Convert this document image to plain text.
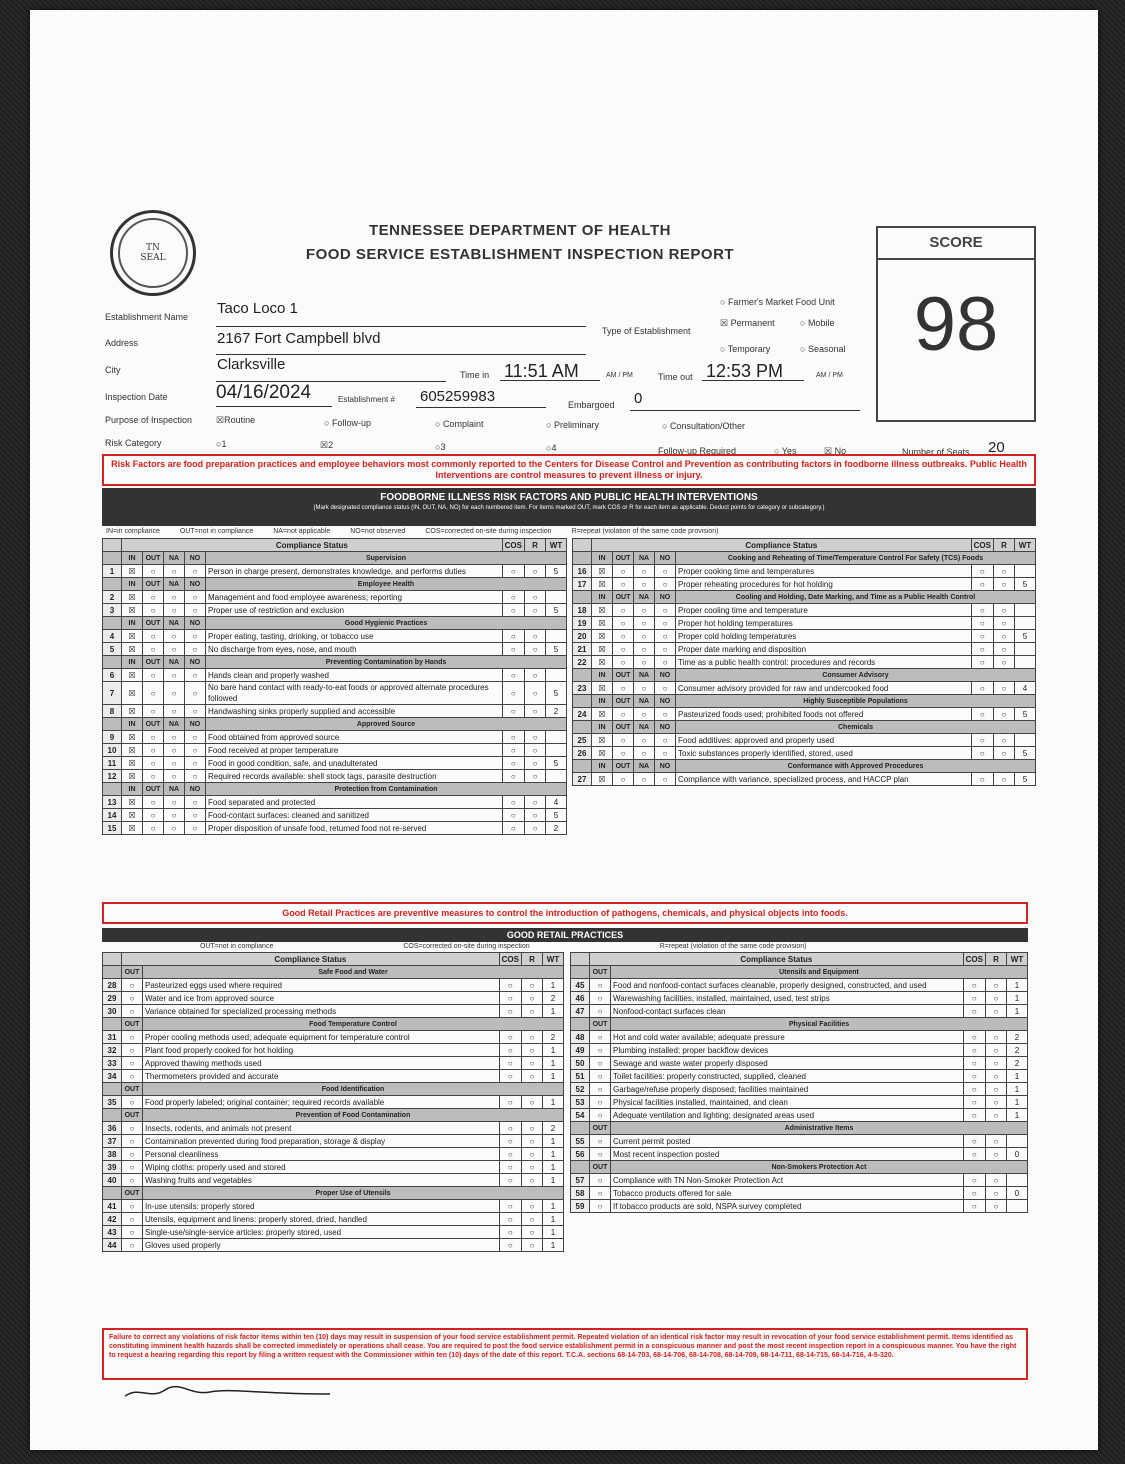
TN
SEAL
TENNESSEE DEPARTMENT OF HEALTH
FOOD SERVICE ESTABLISHMENT INSPECTION REPORT
SCORE
98
Establishment Name Taco Loco 1
Address	2167 Fort Campbell blvd
City	Clarksville
Type of Establishment
○ Farmer's Market Food Unit
☒ Permanent	○ Mobile
○ Temporary	○ Seasonal
Time in 11:51 AM	AM / PM	Time out 12:53 PM	AM / PM
Inspection Date	04/16/2024	Establishment # 605259983	Embargoed 0
Purpose of Inspection	☒Routine	○ Follow-up	○ Complaint	○ Preliminary	○ Consultation/Other
Risk Category	○1	☒2	○3	○4	Follow-up Required	○ Yes	☒ No	Number of Seats 20
Risk Factors are food preparation practices and employee behaviors most commonly reported to the Centers for Disease Control and Prevention as contributing factors in foodborne illness outbreaks. Public Health Interventions are control measures to prevent illness or injury.
FOODBORNE ILLNESS RISK FACTORS AND PUBLIC HEALTH INTERVENTIONS
(Mark designated compliance status (IN, OUT, NA, NO) for each numbered item. For items marked OUT, mark COS or R for each item as applicable. Deduct points for category or subcategory.)
IN=in compliance	OUT=not in compliance	NA=not applicable	NO=not observed	COS=corrected on-site during inspection	R=repeat (violation of the same code provision)
	Compliance Status					COS	R	WT
	IN	OUT	NA	NO	Supervision			
1	☒	○	○	○	Person in charge present, demonstrates knowledge, and performs duties	○	○	5
	IN	OUT	NA	NO	Employee Health			
2	☒	○	○	○	Management and food employee awareness; reporting	○	○	
3	☒	○	○	○	Proper use of restriction and exclusion	○	○	5
	IN	OUT	NA	NO	Good Hygienic Practices			
4	☒	○	○	○	Proper eating, tasting, drinking, or tobacco use	○	○	
5	☒	○	○	○	No discharge from eyes, nose, and mouth	○	○	5
	IN	OUT	NA	NO	Preventing Contamination by Hands			
6	☒	○	○	○	Hands clean and properly washed	○	○	
7	☒	○	○	○	No bare hand contact with ready-to-eat foods or approved alternate procedures followed	○	○	5
8	☒	○	○	○	Handwashing sinks properly supplied and accessible	○	○	2
	IN	OUT	NA	NO	Approved Source			
9	☒	○	○	○	Food obtained from approved source	○	○	
10	☒	○	○	○	Food received at proper temperature	○	○	
11	☒	○	○	○	Food in good condition, safe, and unadulterated	○	○	5
12	☒	○	○	○	Required records available: shell stock tags, parasite destruction	○	○	
	IN	OUT	NA	NO	Protection from Contamination			
13	☒	○	○	○	Food separated and protected	○	○	4
14	☒	○	○	○	Food-contact surfaces: cleaned and sanitized	○	○	5
15	☒	○	○	○	Proper disposition of unsafe food, returned food not re-served	○	○	2
	Compliance Status					COS	R	WT
	IN	OUT	NA	NO	Cooking and Reheating of Time/Temperature Control For Safety (TCS) Foods			
16	☒	○	○	○	Proper cooking time and temperatures	○	○	
17	☒	○	○	○	Proper reheating procedures for hot holding	○	○	5
	IN	OUT	NA	NO	Cooling and Holding, Date Marking, and Time as a Public Health Control			
18	☒	○	○	○	Proper cooling time and temperature	○	○	
19	☒	○	○	○	Proper hot holding temperatures	○	○	
20	☒	○	○	○	Proper cold holding temperatures	○	○	5
21	☒	○	○	○	Proper date marking and disposition	○	○	
22	☒	○	○	○	Time as a public health control: procedures and records	○	○	
	IN	OUT	NA	NO	Consumer Advisory			
23	☒	○	○	○	Consumer advisory provided for raw and undercooked food	○	○	4
	IN	OUT	NA	NO	Highly Susceptible Populations			
24	☒	○	○	○	Pasteurized foods used; prohibited foods not offered	○	○	5
	IN	OUT	NA	NO	Chemicals			
25	☒	○	○	○	Food additives: approved and properly used	○	○	
26	☒	○	○	○	Toxic substances properly identified, stored, used	○	○	5
	IN	OUT	NA	NO	Conformance with Approved Procedures			
27	☒	○	○	○	Compliance with variance, specialized process, and HACCP plan	○	○	5
Good Retail Practices are preventive measures to control the introduction of pathogens, chemicals, and physical objects into foods.
GOOD RETAIL PRACTICES
OUT=not in compliance	COS=corrected on-site during inspection	R=repeat (violation of the same code provision)
	Compliance Status		COS	R	WT
	OUT	Safe Food and Water			
28	○	Pasteurized eggs used where required	○	○	1
29	○	Water and ice from approved source	○	○	2
30	○	Variance obtained for specialized processing methods	○	○	1
	OUT	Food Temperature Control			
31	○	Proper cooling methods used; adequate equipment for temperature control	○	○	2
32	○	Plant food properly cooked for hot holding	○	○	1
33	○	Approved thawing methods used	○	○	1
34	○	Thermometers provided and accurate	○	○	1
	OUT	Food Identification			
35	○	Food properly labeled; original container; required records available	○	○	1
	OUT	Prevention of Food Contamination			
36	○	Insects, rodents, and animals not present	○	○	2
37	○	Contamination prevented during food preparation, storage & display	○	○	1
38	○	Personal cleanliness	○	○	1
39	○	Wiping cloths: properly used and stored	○	○	1
40	○	Washing fruits and vegetables	○	○	1
	OUT	Proper Use of Utensils			
41	○	In-use utensils: properly stored	○	○	1
42	○	Utensils, equipment and linens: properly stored, dried, handled	○	○	1
43	○	Single-use/single-service articles: properly stored, used	○	○	1
44	○	Gloves used properly	○	○	1
	Compliance Status		COS	R	WT
	OUT	Utensils and Equipment			
45	○	Food and nonfood-contact surfaces cleanable, properly designed, constructed, and used	○	○	1
46	○	Warewashing facilities, installed, maintained, used, test strips	○	○	1
47	○	Nonfood-contact surfaces clean	○	○	1
	OUT	Physical Facilities			
48	○	Hot and cold water available; adequate pressure	○	○	2
49	○	Plumbing installed; proper backflow devices	○	○	2
50	○	Sewage and waste water properly disposed	○	○	2
51	○	Toilet facilities: properly constructed, supplied, cleaned	○	○	1
52	○	Garbage/refuse properly disposed; facilities maintained	○	○	1
53	○	Physical facilities installed, maintained, and clean	○	○	1
54	○	Adequate ventilation and lighting; designated areas used	○	○	1
	OUT	Administrative Items			
55	○	Current permit posted	○	○	
56	○	Most recent inspection posted	○	○	0
	OUT	Non-Smokers Protection Act			
57	○	Compliance with TN Non-Smoker Protection Act	○	○	
58	○	Tobacco products offered for sale	○	○	0
59	○	If tobacco products are sold, NSPA survey completed	○	○	
Failure to correct any violations of risk factor items within ten (10) days may result in suspension of your food service establishment permit. Repeated violation of an identical risk factor may result in revocation of your food service establishment permit. Items identified as constituting imminent health hazards shall be corrected immediately or operations shall cease. You are required to post the food service establishment permit in a conspicuous manner and post the most recent inspection report in a conspicuous manner. You have the right to request a hearing regarding this report by filing a written request with the Commissioner within ten (10) days of the date of this report. T.C.A. sections 68-14-703, 68-14-706, 68-14-708, 68-14-709, 68-14-711, 68-14-715, 68-14-716, 4-5-320.
